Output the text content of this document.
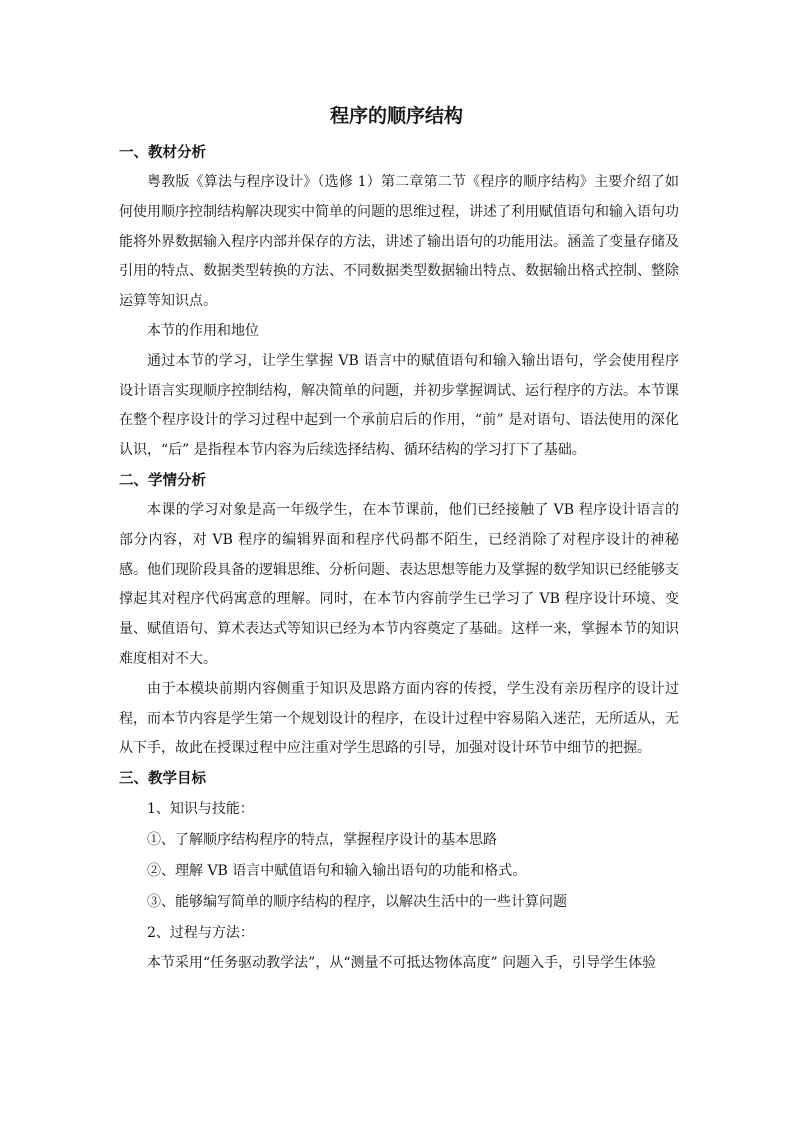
程序的顺序结构

一、教材分析

粤教版《算法与程序设计》（选修 1）第二章第二节《程序的顺序结构》主要介绍了如何使用顺序控制结构解决现实中简单的问题的思维过程，讲述了利用赋值语句和输入语句功能将外界数据输入程序内部并保存的方法，讲述了输出语句的功能用法。涵盖了变量存储及引用的特点、数据类型转换的方法、不同数据类型数据输出特点、数据输出格式控制、整除运算等知识点。

本节的作用和地位

通过本节的学习，让学生掌握 VB 语言中的赋值语句和输入输出语句，学会使用程序设计语言实现顺序控制结构，解决简单的问题，并初步掌握调试、运行程序的方法。本节课在整个程序设计的学习过程中起到一个承前启后的作用，“前” 是对语句、语法使用的深化认识，“后” 是指程本节内容为后续选择结构、循环结构的学习打下了基础。

二、学情分析

本课的学习对象是高一年级学生，在本节课前，他们已经接触了 VB 程序设计语言的部分内容，对 VB 程序的编辑界面和程序代码都不陌生，已经消除了对程序设计的神秘感。他们现阶段具备的逻辑思维、分析问题、表达思想等能力及掌握的数学知识已经能够支撑起其对程序代码寓意的理解。同时，在本节内容前学生已学习了 VB 程序设计环境、变量、赋值语句、算术表达式等知识已经为本节内容奠定了基础。这样一来，掌握本节的知识难度相对不大。

由于本模块前期内容侧重于知识及思路方面内容的传授，学生没有亲历程序的设计过程，而本节内容是学生第一个规划设计的程序，在设计过程中容易陷入迷茫，无所适从，无从下手，故此在授课过程中应注重对学生思路的引导，加强对设计环节中细节的把握。

三、教学目标

1、知识与技能：

①、了解顺序结构程序的特点，掌握程序设计的基本思路

②、理解 VB 语言中赋值语句和输入输出语句的功能和格式。

③、能够编写简单的顺序结构的程序，以解决生活中的一些计算问题

2、过程与方法：

本节采用“任务驱动教学法”，从“测量不可抵达物体高度” 问题入手，引导学生体验
